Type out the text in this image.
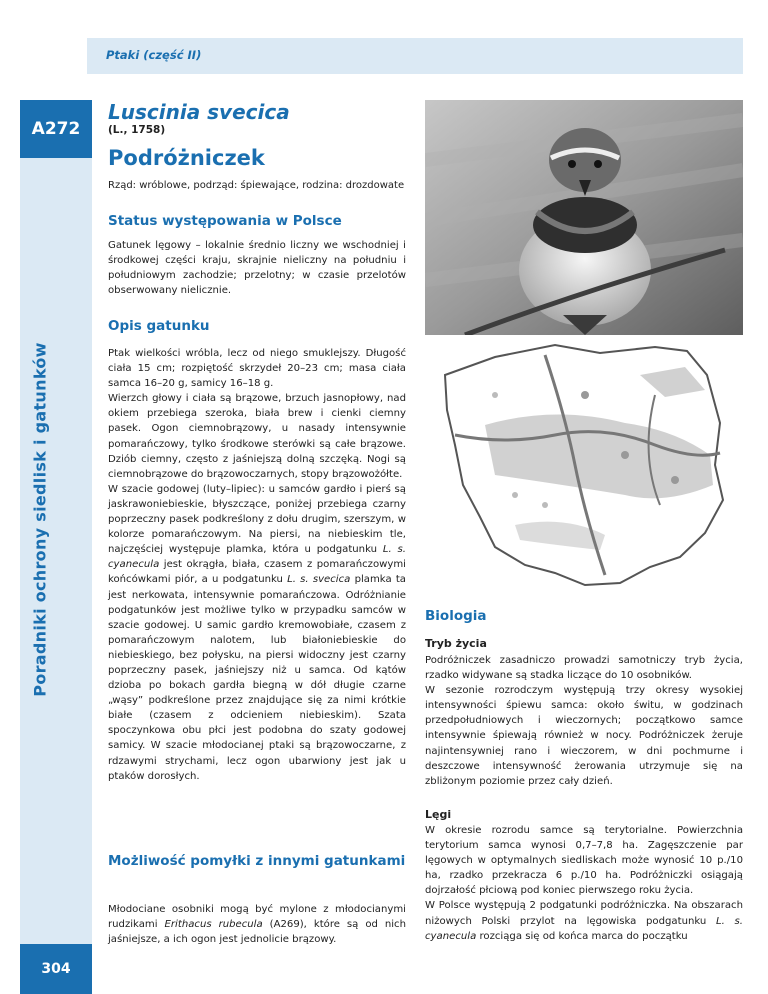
Ptaki (część II)
A272
Poradniki ochrony siedlisk i gatunków
304
Luscinia svecica
(L., 1758)
Podróżniczek
Rząd: wróblowe, podrząd: śpiewające, rodzina: drozdowate
Status występowania w Polsce

Gatunek lęgowy – lokalnie średnio liczny we wschodniej i środkowej części kraju, skrajnie nieliczny na południu i południowym zachodzie; przelotny; w czasie przelotów obserwowany nielicznie.

Opis gatunku

Ptak wielkości wróbla, lecz od niego smuklejszy. Długość ciała 15 cm; rozpiętość skrzydeł 20–23 cm; masa ciała samca 16–20 g, samicy 16–18 g.

Wierzch głowy i ciała są brązowe, brzuch jasnopłowy, nad okiem przebiega szeroka, biała brew i cienki ciemny pasek. Ogon ciemnobrązowy, u nasady intensywnie pomarańczowy, tylko środkowe sterówki są całe brązowe. Dziób ciemny, często z jaśniejszą dolną szczęką. Nogi są ciemnobrązowe do brązowoczarnych, stopy brązowożółte.

W szacie godowej (luty–lipiec): u samców gardło i pierś są jaskrawoniebieskie, błyszczące, poniżej przebiega czarny poprzeczny pasek podkreślony z dołu drugim, szerszym, w kolorze pomarańczowym. Na piersi, na niebieskim tle, najczęściej występuje plamka, która u podgatunku L. s. cyanecula jest okrągła, biała, czasem z pomarańczowymi końcówkami piór, a u podgatunku L. s. svecica plamka ta jest nerkowata, intensywnie pomarańczowa. Odróżnianie podgatunków jest możliwe tylko w przypadku samców w szacie godowej. U samic gardło kremowobiałe, czasem z pomarańczowym nalotem, lub białoniebieskie do niebieskiego, bez połysku, na piersi widoczny jest czarny poprzeczny pasek, jaśniejszy niż u samca. Od kątów dzioba po bokach gardła biegną w dół długie czarne „wąsy” podkreślone przez znajdujące się za nimi krótkie białe (czasem z odcieniem niebieskim). Szata spoczynkowa obu płci jest podobna do szaty godowej samicy. W szacie młodocianej ptaki są brązowoczarne, z rdzawymi strychami, lecz ogon ubarwiony jest jak u ptaków dorosłych.

Możliwość pomyłki z innymi gatunkami

Młodociane osobniki mogą być mylone z młodocianymi rudzikami Erithacus rubecula (A269), które są od nich jaśniejsze, a ich ogon jest jednolicie brązowy.

Biologia
Tryb życia

Podróżniczek zasadniczo prowadzi samotniczy tryb życia, rzadko widywane są stadka liczące do 10 osobników.

W sezonie rozrodczym występują trzy okresy wysokiej intensywności śpiewu samca: około świtu, w godzinach przedpołudniowych i wieczornych; początkowo samce intensywnie śpiewają również w nocy. Podróżniczek żeruje najintensywniej rano i wieczorem, w dni pochmurne i deszczowe intensywność żerowania utrzymuje się na zbliżonym poziomie przez cały dzień.

Lęgi

W okresie rozrodu samce są terytorialne. Powierzchnia terytorium samca wynosi 0,7–7,8 ha. Zagęszczenie par lęgowych w optymalnych siedliskach może wynosić 10 p./10 ha, rzadko przekracza 6 p./10 ha. Podróżniczki osiągają dojrzałość płciową pod koniec pierwszego roku życia.

W Polsce występują 2 podgatunki podróżniczka. Na obszarach niżowych Polski przylot na lęgowiska podgatunku L. s. cyanecula rozciąga się od końca marca do początku
